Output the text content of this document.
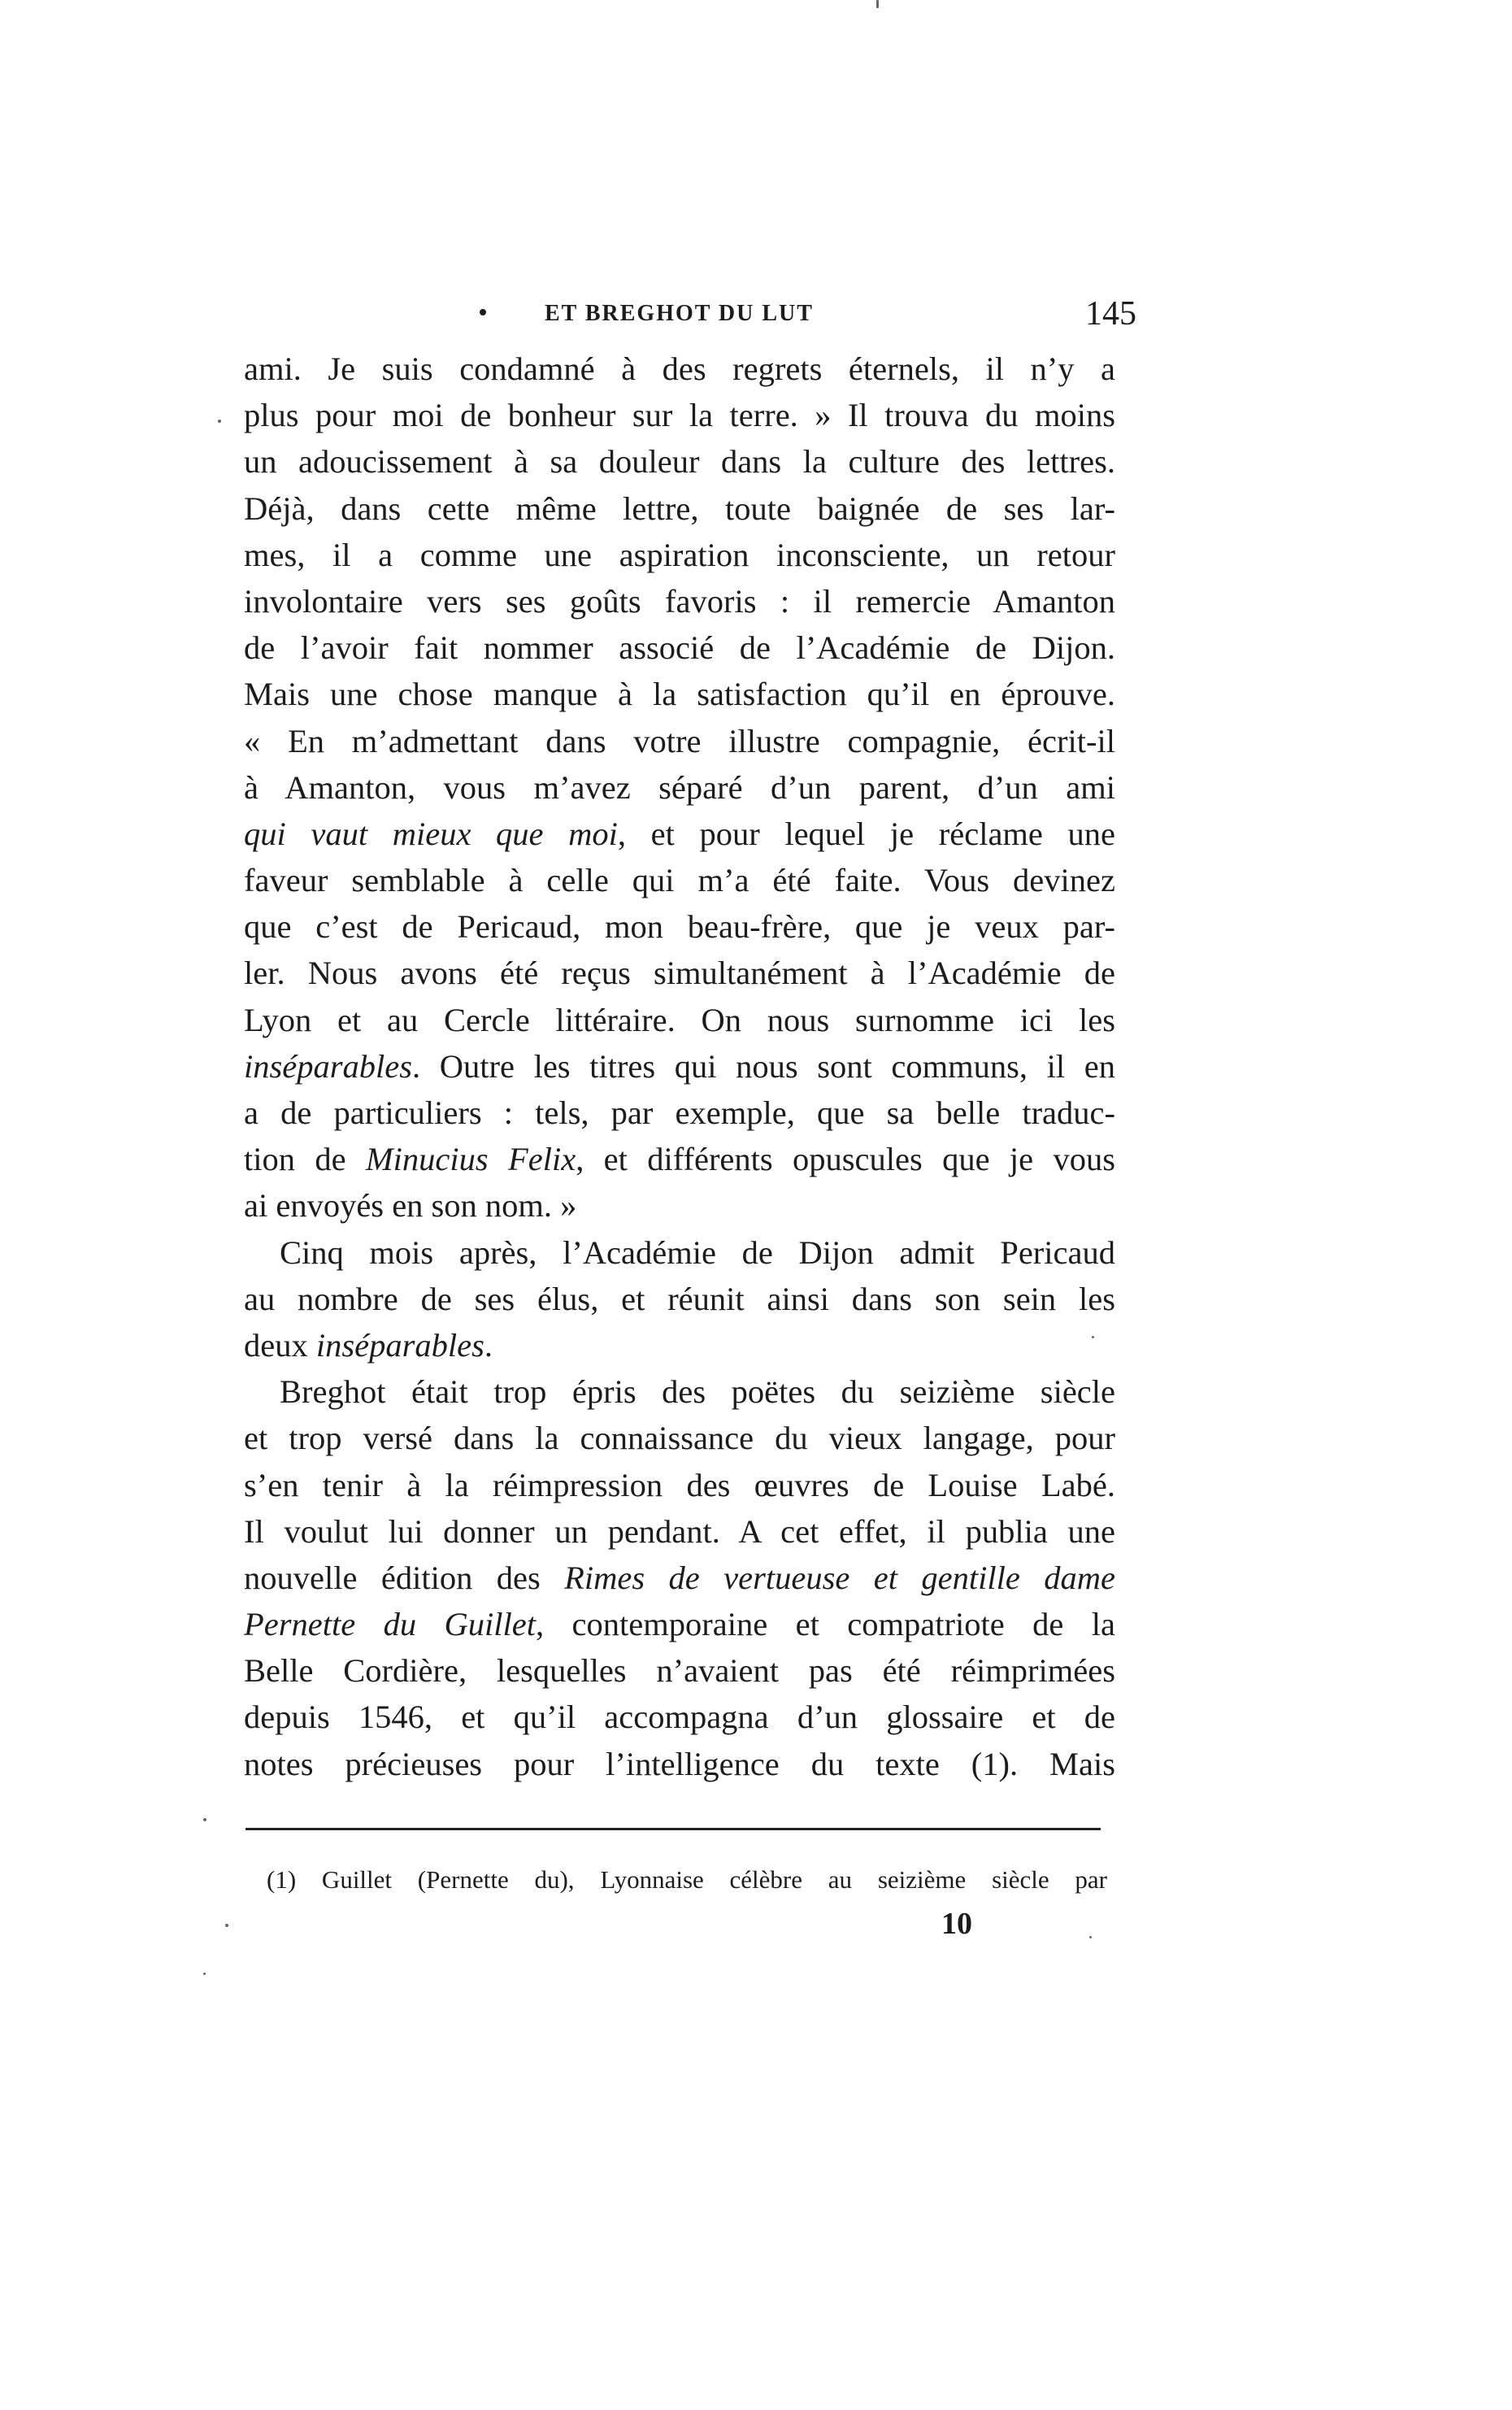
ET BREGHOT DU LUT	145
ami. Je suis condamné à des regrets éternels, il n’y a
plus pour moi de bonheur sur la terre. » Il trouva du moins
un adoucissement à sa douleur dans la culture des lettres.
Déjà, dans cette même lettre, toute baignée de ses lar-
mes, il a comme une aspiration inconsciente, un retour
involontaire vers ses goûts favoris : il remercie Amanton
de l’avoir fait nommer associé de l’Académie de Dijon.
Mais une chose manque à la satisfaction qu’il en éprouve.
« En m’admettant dans votre illustre compagnie, écrit-il
à Amanton, vous m’avez séparé d’un parent, d’un ami
qui vaut mieux que moi, et pour lequel je réclame une
faveur semblable à celle qui m’a été faite. Vous devinez
que c’est de Pericaud, mon beau-frère, que je veux par-
ler. Nous avons été reçus simultanément à l’Académie de
Lyon et au Cercle littéraire. On nous surnomme ici les
inséparables. Outre les titres qui nous sont communs, il en
a de particuliers : tels, par exemple, que sa belle traduc-
tion de Minucius Felix, et différents opuscules que je vous
ai envoyés en son nom. »
Cinq mois après, l’Académie de Dijon admit Pericaud
au nombre de ses élus, et réunit ainsi dans son sein les
deux inséparables.
Breghot était trop épris des poëtes du seizième siècle
et trop versé dans la connaissance du vieux langage, pour
s’en tenir à la réimpression des œuvres de Louise Labé.
Il voulut lui donner un pendant. A cet effet, il publia une
nouvelle édition des Rimes de vertueuse et gentille dame
Pernette du Guillet, contemporaine et compatriote de la
Belle Cordière, lesquelles n’avaient pas été réimprimées
depuis 1546, et qu’il accompagna d’un glossaire et de
notes précieuses pour l’intelligence du texte (1). Mais
(1) Guillet (Pernette du), Lyonnaise célèbre au seizième siècle par
10
